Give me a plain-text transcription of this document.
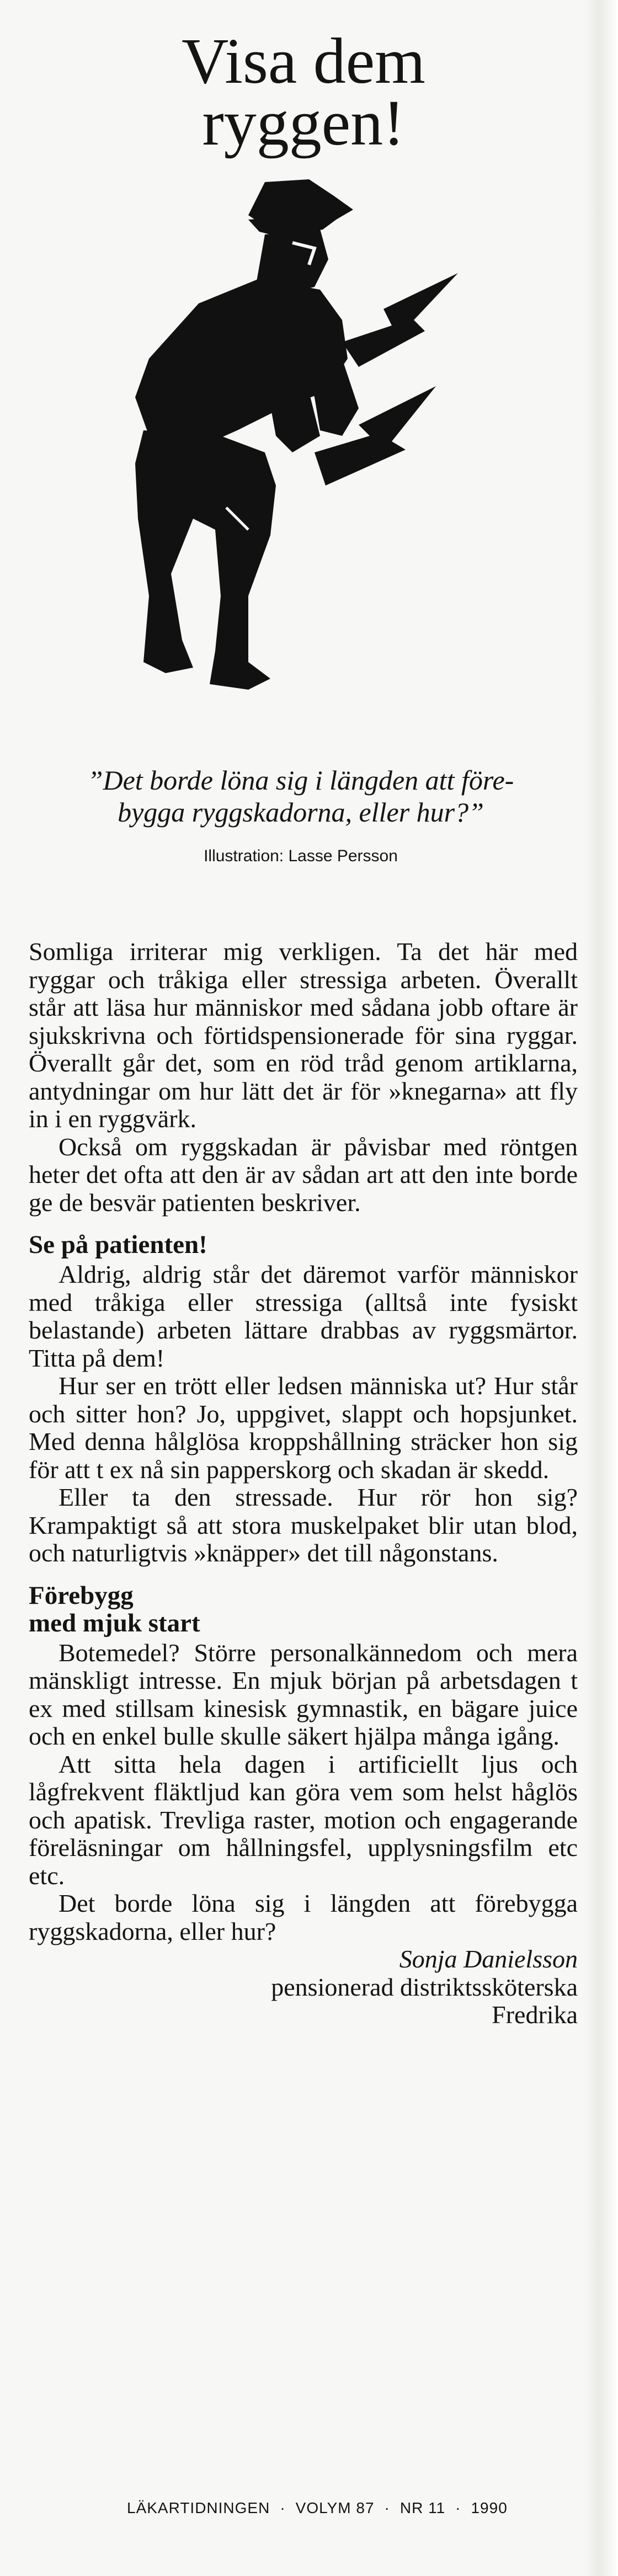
Visa dem
ryggen!
”Det borde löna sig i längden att före-
bygga ryggskadorna, eller hur?”
Illustration: Lasse Persson

Somliga irriterar mig verkligen. Ta det här med ryggar och tråkiga eller stressiga arbeten. Överallt står att läsa hur människor med sådana jobb oftare är sjukskrivna och förtidspensionerade för sina ryggar. Överallt går det, som en röd tråd genom artiklarna, antydningar om hur lätt det är för »knegarna» att fly in i en ryggvärk.

Också om ryggskadan är påvisbar med röntgen heter det ofta att den är av sådan art att den inte borde ge de besvär patienten beskriver.

Se på patienten!

Aldrig, aldrig står det däremot varför människor med tråkiga eller stressiga (alltså inte fysiskt belastande) arbeten lättare drabbas av ryggsmärtor. Titta på dem!

Hur ser en trött eller ledsen människa ut? Hur står och sitter hon? Jo, uppgivet, slappt och hopsjunket. Med denna hålglösa kroppshållning sträcker hon sig för att t ex nå sin papperskorg och skadan är skedd.

Eller ta den stressade. Hur rör hon sig? Krampaktigt så att stora muskelpaket blir utan blod, och naturligtvis »knäpper» det till någonstans.

Förebygg
med mjuk start

Botemedel? Större personalkännedom och mera mänskligt intresse. En mjuk början på arbetsdagen t ex med stillsam kinesisk gymnastik, en bägare juice och en enkel bulle skulle säkert hjälpa många igång.

Att sitta hela dagen i artificiellt ljus och lågfrekvent fläktljud kan göra vem som helst håglös och apatisk. Trevliga raster, motion och engagerande föreläsningar om hållningsfel, upplysningsfilm etc etc.

Det borde löna sig i längden att förebygga ryggskadorna, eller hur?

Sonja Danielsson
pensionerad distriktssköterska
Fredrika
LÄKARTIDNINGEN · VOLYM 87 · NR 11 · 1990
